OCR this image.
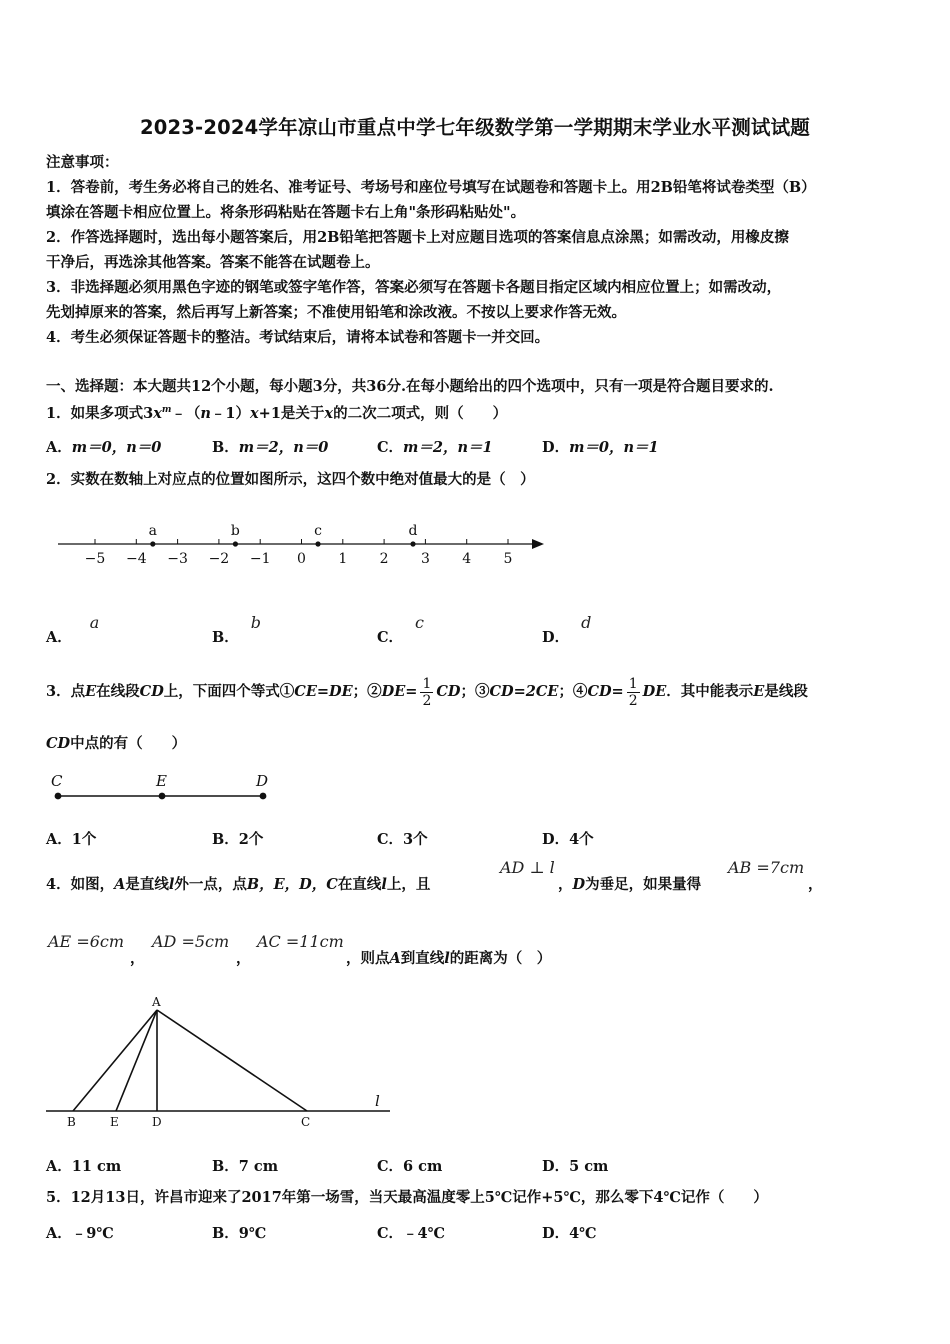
2023-2024学年凉山市重点中学七年级数学第一学期期末学业水平测试试题
注意事项：
1．答卷前，考生务必将自己的姓名、准考证号、考场号和座位号填写在试题卷和答题卡上。用2B铅笔将试卷类型（B）
填涂在答题卡相应位置上。将条形码粘贴在答题卡右上角"条形码粘贴处"。
2．作答选择题时，选出每小题答案后，用2B铅笔把答题卡上对应题目选项的答案信息点涂黑；如需改动，用橡皮擦
干净后，再选涂其他答案。答案不能答在试题卷上。
3．非选择题必须用黑色字迹的钢笔或签字笔作答，答案必须写在答题卡各题目指定区域内相应位置上；如需改动，
先划掉原来的答案，然后再写上新答案；不准使用铅笔和涂改液。不按以上要求作答无效。
4．考生必须保证答题卡的整洁。考试结束后，请将本试卷和答题卡一并交回。
一、选择题：本大题共12个小题，每小题3分，共36分.在每小题给出的四个选项中，只有一项是符合题目要求的.
1．如果多项式$3x^m﹣(n﹣1)x+1$是关于x的二次二项式，则（　　）
A．m＝0，n＝0	B．m＝2，n＝0	C．m＝2，n＝1	D．m＝0，n＝1
2．实数在数轴上对应点的位置如图所示，这四个数中绝对值最大的是（　）
−5 −4 −3 −2 −1 0 1 2 3 4 5
a	b	c	d
A．a
B．b
C．c
D．d
3．点E在线段CD上，下面四个等式①CE=DE；②DE= $\frac{1}{2}$ CD；③CD=2CE；④CD= $\frac{1}{2}$ DE．其中能表示E是线段
CD中点的有（　　）
C	E	D
A．1个	B．2个	C．3个	D．4个
4．如图，A是直线l外一点，点B，E，D，C在直线l上，且
AD ⊥ l
，D为垂足，如果量得
AB =7cm
，
AE =6cm
，
AD =5cm
，
AC =11cm
，则点A到直线l的距离为（　）
A
B	E	D	C
l
A．11 cm	B．7 cm	C．6 cm	D．5 cm
5．12月13日，许昌市迎来了2017年第一场雪，当天最高温度零上5℃记作+5℃，那么零下4℃记作（　　）
A．﹣9℃	B．9℃	C．﹣4℃	D．4℃
